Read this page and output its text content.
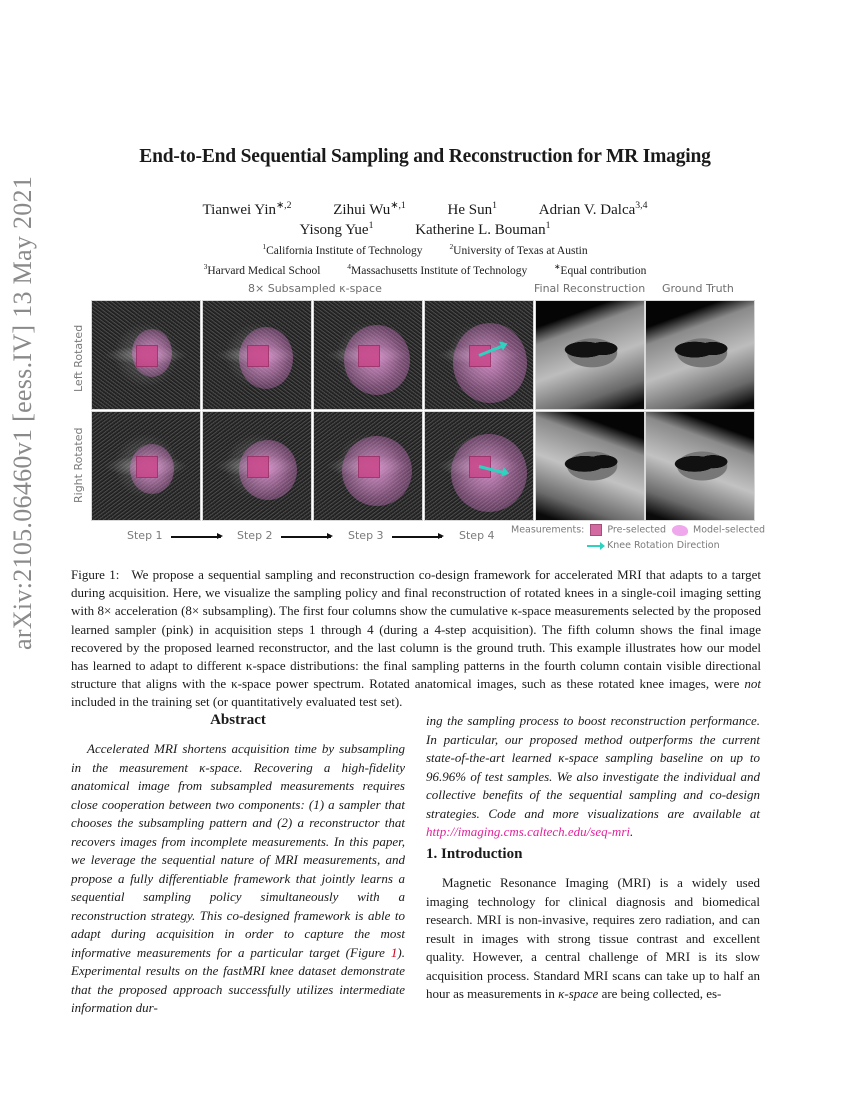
arXiv:2105.06460v1 [eess.IV] 13 May 2021
End-to-End Sequential Sampling and Reconstruction for MR Imaging
Tianwei Yin$^{∗,2}$	Zihui $Wu^{∗,1}$	He Sun$^1$	Adrian V. Dalca$^{3,4}$
Yisong Yue$^1$	Katherine L. Bouman$^1$
$^1$California Institute of Technology	$^2$University of Texas at Austin
$^3$Harvard Medical School	$^4$Massachusetts Institute of Technology	∗Equal contribution
8× Subsampled κ-space	Final Reconstruction Ground Truth
Left Rotated
Right Rotated
Step 1	Step 2	Step 3	Step 4 Measurements: Pre-selected	Model-selected
Knee Rotation Direction
Figure 1: We propose a sequential sampling and reconstruction co-design framework for accelerated MRI that adapts to a target during acquisition. Here, we visualize the sampling policy and final reconstruction of rotated knees in a single-coil imaging setting with 8× acceleration (8× subsampling). The first four columns show the cumulative κ-space measurements selected by the proposed learned sampler (pink) in acquisition steps 1 through 4 (during a 4-step acquisition). The fifth column shows the final image recovered by the proposed learned reconstructor, and the last column is the ground truth. This example illustrates how our model has learned to adapt to different κ-space distributions: the final sampling patterns in the fourth column contain visible directional structure that aligns with the κ-space power spectrum. Rotated anatomical images, such as these rotated knee images, were not included in the training set (or quantitatively evaluated test set).
Abstract
Accelerated MRI shortens acquisition time by subsampling in the measurement κ-space. Recovering a high-fidelity anatomical image from subsampled measurements requires close cooperation between two components: (1) a sampler that chooses the subsampling pattern and (2) a reconstructor that recovers images from incomplete measurements. In this paper, we leverage the sequential nature of MRI measurements, and propose a fully differentiable framework that jointly learns a sequential sampling policy simultaneously with a reconstruction strategy. This co-designed framework is able to adapt during acquisition in order to capture the most informative measurements for a particular target (Figure 1). Experimental results on the fastMRI knee dataset demonstrate that the proposed approach successfully utilizes intermediate information dur-
ing the sampling process to boost reconstruction performance. In particular, our proposed method outperforms the current state-of-the-art learned κ-space sampling baseline on up to 96.96% of test samples. We also investigate the individual and collective benefits of the sequential sampling and co-design strategies. Code and more visualizations are available at http://imaging.cms.caltech.edu/seq-mri.
1. Introduction
Magnetic Resonance Imaging (MRI) is a widely used imaging technology for clinical diagnosis and biomedical research. MRI is non-invasive, requires zero radiation, and can result in images with strong tissue contrast and excellent quality. However, a central challenge of MRI is its slow acquisition process. Standard MRI scans can take up to half an hour as measurements in κ-space are being collected, es-
